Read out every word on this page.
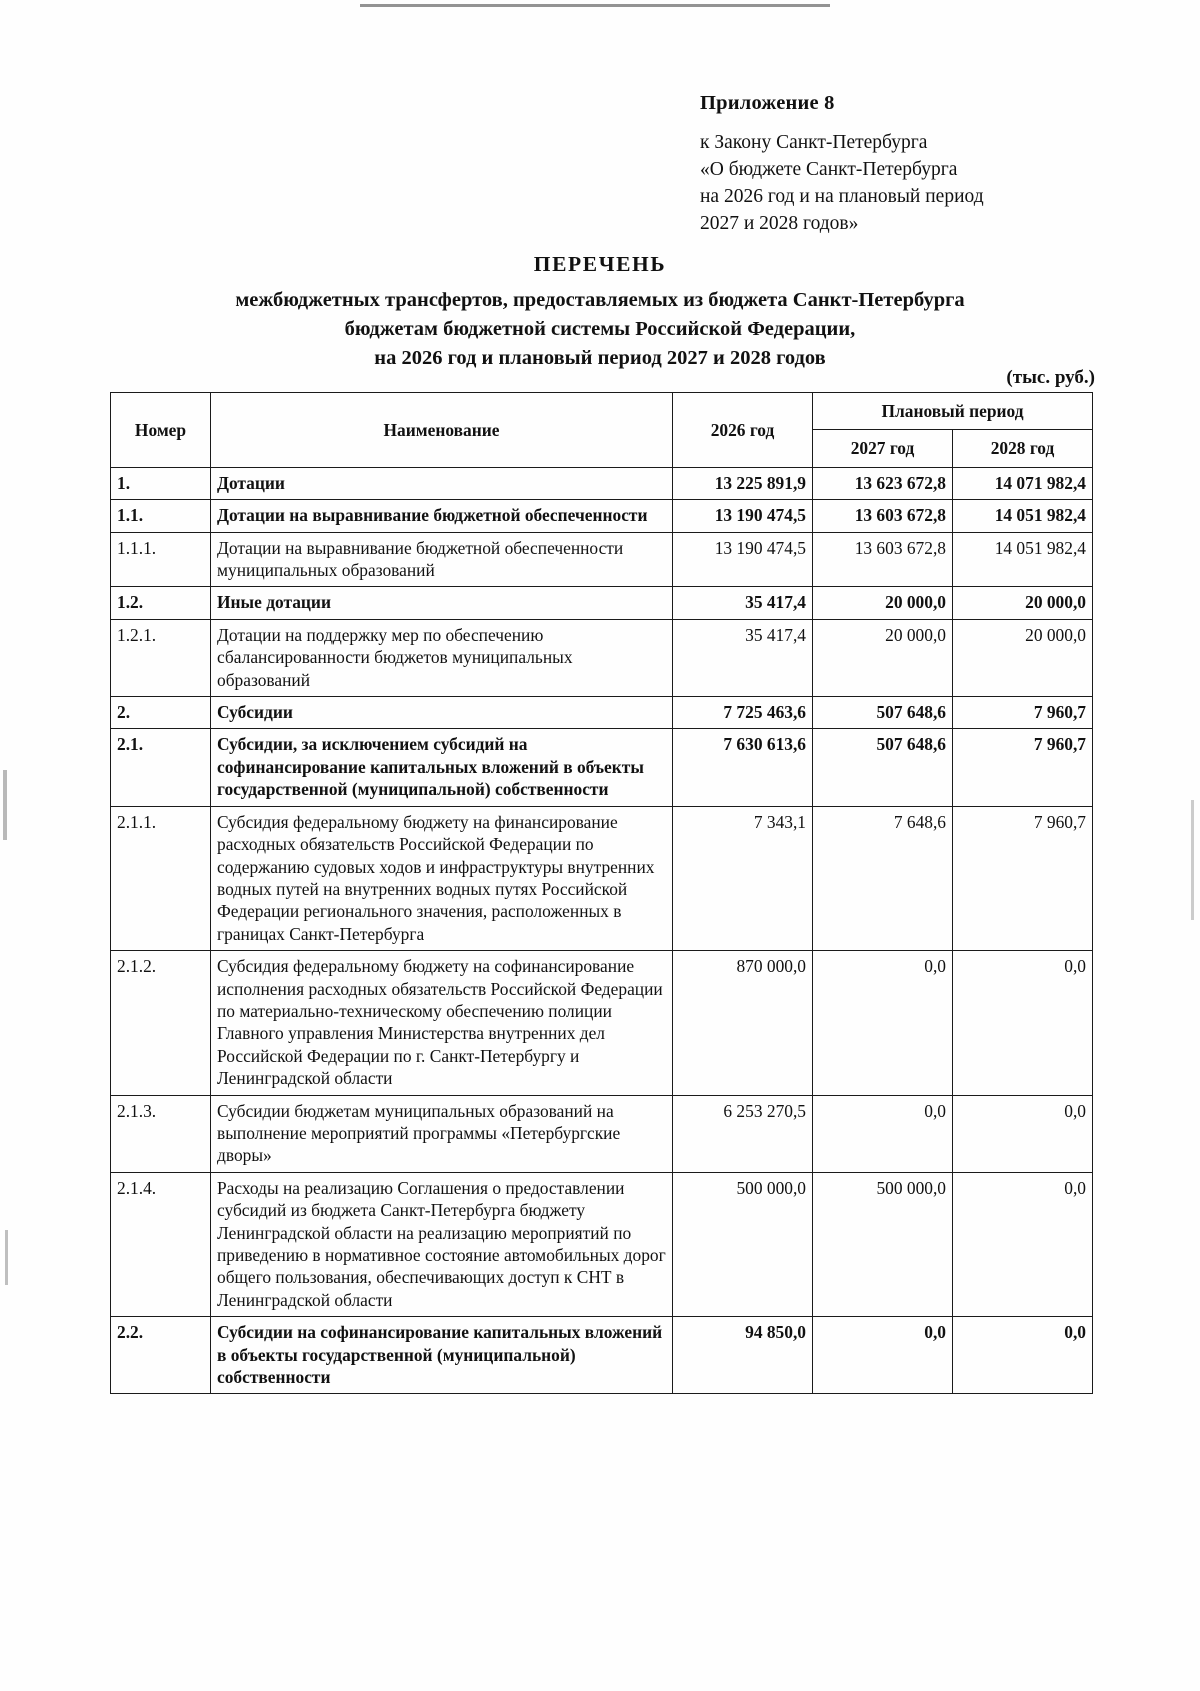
Приложение 8
к Закону Санкт-Петербурга
«О бюджете Санкт-Петербурга
на 2026 год и на плановый период
2027 и 2028 годов»
ПЕРЕЧЕНЬ
межбюджетных трансфертов, предоставляемых из бюджета Санкт-Петербурга
бюджетам бюджетной системы Российской Федерации,
на 2026 год и плановый период 2027 и 2028 годов
(тыс. руб.)
Номер	Наименование	2026 год	Плановый период	
			2027 год	2028 год
1.	Дотации	13 225 891,9	13 623 672,8	14 071 982,4
1.1.	Дотации на выравнивание бюджетной обеспеченности	13 190 474,5	13 603 672,8	14 051 982,4
1.1.1.	Дотации на выравнивание бюджетной обеспеченности муниципальных образований	13 190 474,5	13 603 672,8	14 051 982,4
1.2.	Иные дотации	35 417,4	20 000,0	20 000,0
1.2.1.	Дотации на поддержку мер по обеспечению сбалансированности бюджетов муниципальных образований	35 417,4	20 000,0	20 000,0
2.	Субсидии	7 725 463,6	507 648,6	7 960,7
2.1.	Субсидии, за исключением субсидий на софинансирование капитальных вложений в объекты государственной (муниципальной) собственности	7 630 613,6	507 648,6	7 960,7
2.1.1.	Субсидия федеральному бюджету на финансирование расходных обязательств Российской Федерации по содержанию судовых ходов и инфраструктуры внутренних водных путей на внутренних водных путях Российской Федерации регионального значения, расположенных в границах Санкт-Петербурга	7 343,1	7 648,6	7 960,7
2.1.2.	Субсидия федеральному бюджету на софинансирование исполнения расходных обязательств Российской Федерации по материально-техническому обеспечению полиции Главного управления Министерства внутренних дел Российской Федерации по г. Санкт-Петербургу и Ленинградской области	870 000,0	0,0	0,0
2.1.3.	Субсидии бюджетам муниципальных образований на выполнение мероприятий программы «Петербургские дворы»	6 253 270,5	0,0	0,0
2.1.4.	Расходы на реализацию Соглашения о предоставлении субсидий из бюджета Санкт-Петербурга бюджету Ленинградской области на реализацию мероприятий по приведению в нормативное состояние автомобильных дорог общего пользования, обеспечивающих доступ к СНТ в Ленинградской области	500 000,0	500 000,0	0,0
2.2.	Субсидии на софинансирование капитальных вложений в объекты государственной (муниципальной) собственности	94 850,0	0,0	0,0
